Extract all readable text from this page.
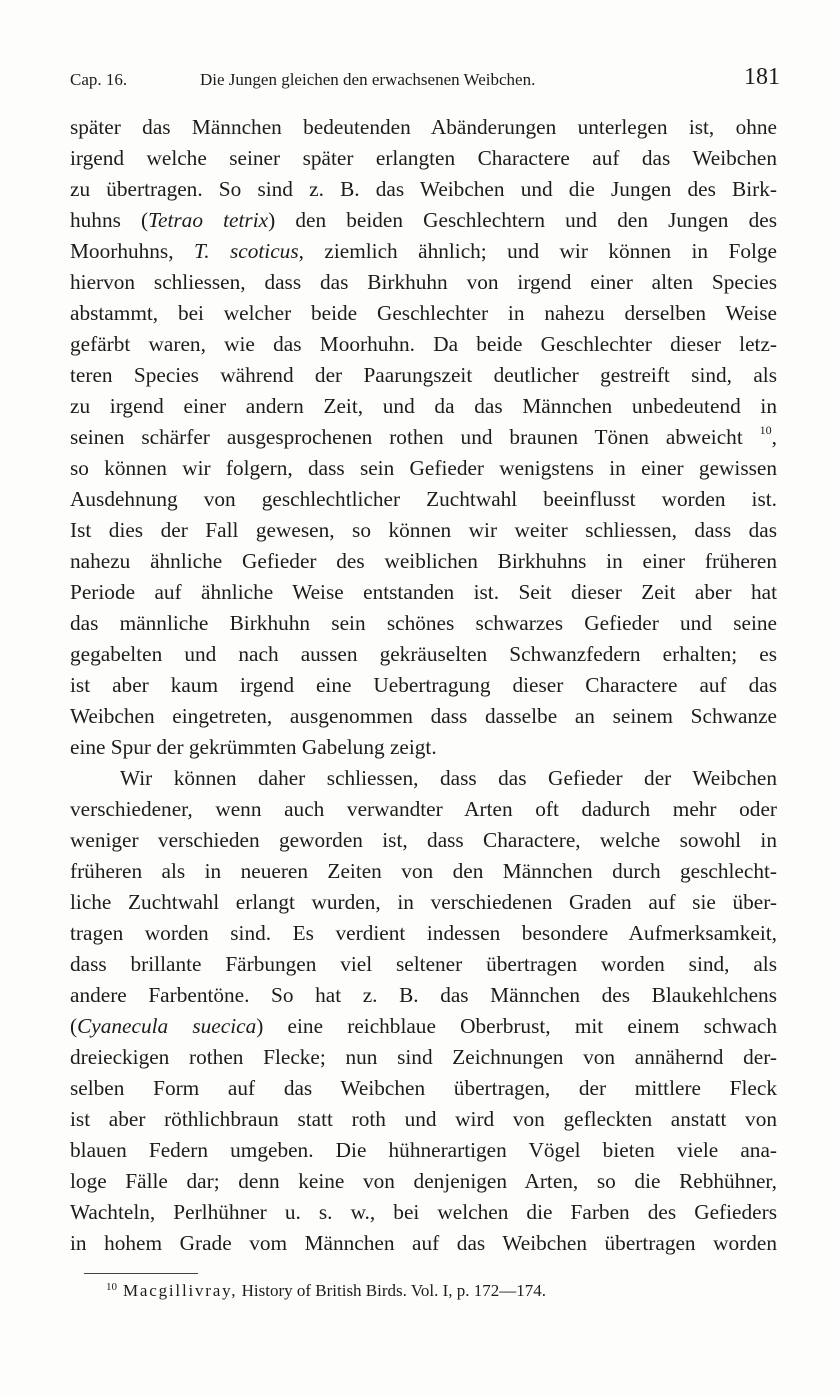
Cap. 16.	Die Jungen gleichen den erwachsenen Weibchen.	181
später das Männchen bedeutenden Abänderungen unterlegen ist, ohne
irgend welche seiner später erlangten Charactere auf das Weibchen
zu übertragen. So sind z. B. das Weibchen und die Jungen des Birk-
huhns (Tetrao tetrix) den beiden Geschlechtern und den Jungen des
Moorhuhns, T. scoticus, ziemlich ähnlich; und wir können in Folge
hiervon schliessen, dass das Birkhuhn von irgend einer alten Species
abstammt, bei welcher beide Geschlechter in nahezu derselben Weise
gefärbt waren, wie das Moorhuhn. Da beide Geschlechter dieser letz-
teren Species während der Paarungszeit deutlicher gestreift sind, als
zu irgend einer andern Zeit, und da das Männchen unbedeutend in
seinen schärfer ausgesprochenen rothen und braunen Tönen abweicht $^{10}$,
so können wir folgern, dass sein Gefieder wenigstens in einer gewissen
Ausdehnung von geschlechtlicher Zuchtwahl beeinflusst worden ist.
Ist dies der Fall gewesen, so können wir weiter schliessen, dass das
nahezu ähnliche Gefieder des weiblichen Birkhuhns in einer früheren
Periode auf ähnliche Weise entstanden ist. Seit dieser Zeit aber hat
das männliche Birkhuhn sein schönes schwarzes Gefieder und seine
gegabelten und nach aussen gekräuselten Schwanzfedern erhalten; es
ist aber kaum irgend eine Uebertragung dieser Charactere auf das
Weibchen eingetreten, ausgenommen dass dasselbe an seinem Schwanze
eine Spur der gekrümmten Gabelung zeigt.
Wir können daher schliessen, dass das Gefieder der Weibchen
verschiedener, wenn auch verwandter Arten oft dadurch mehr oder
weniger verschieden geworden ist, dass Charactere, welche sowohl in
früheren als in neueren Zeiten von den Männchen durch geschlecht-
liche Zuchtwahl erlangt wurden, in verschiedenen Graden auf sie über-
tragen worden sind. Es verdient indessen besondere Aufmerksamkeit,
dass brillante Färbungen viel seltener übertragen worden sind, als
andere Farbentöne. So hat z. B. das Männchen des Blaukehlchens
(Cyanecula suecica) eine reichblaue Oberbrust, mit einem schwach
dreieckigen rothen Flecke; nun sind Zeichnungen von annähernd der-
selben Form auf das Weibchen übertragen, der mittlere Fleck
ist aber röthlichbraun statt roth und wird von gefleckten anstatt von
blauen Federn umgeben. Die hühnerartigen Vögel bieten viele ana-
loge Fälle dar; denn keine von denjenigen Arten, so die Rebhühner,
Wachteln, Perlhühner u. s. w., bei welchen die Farben des Gefieders
in hohem Grade vom Männchen auf das Weibchen übertragen worden
$^{10}$ Macgillivray, History of British Birds. Vol. I, p. 172—174.
